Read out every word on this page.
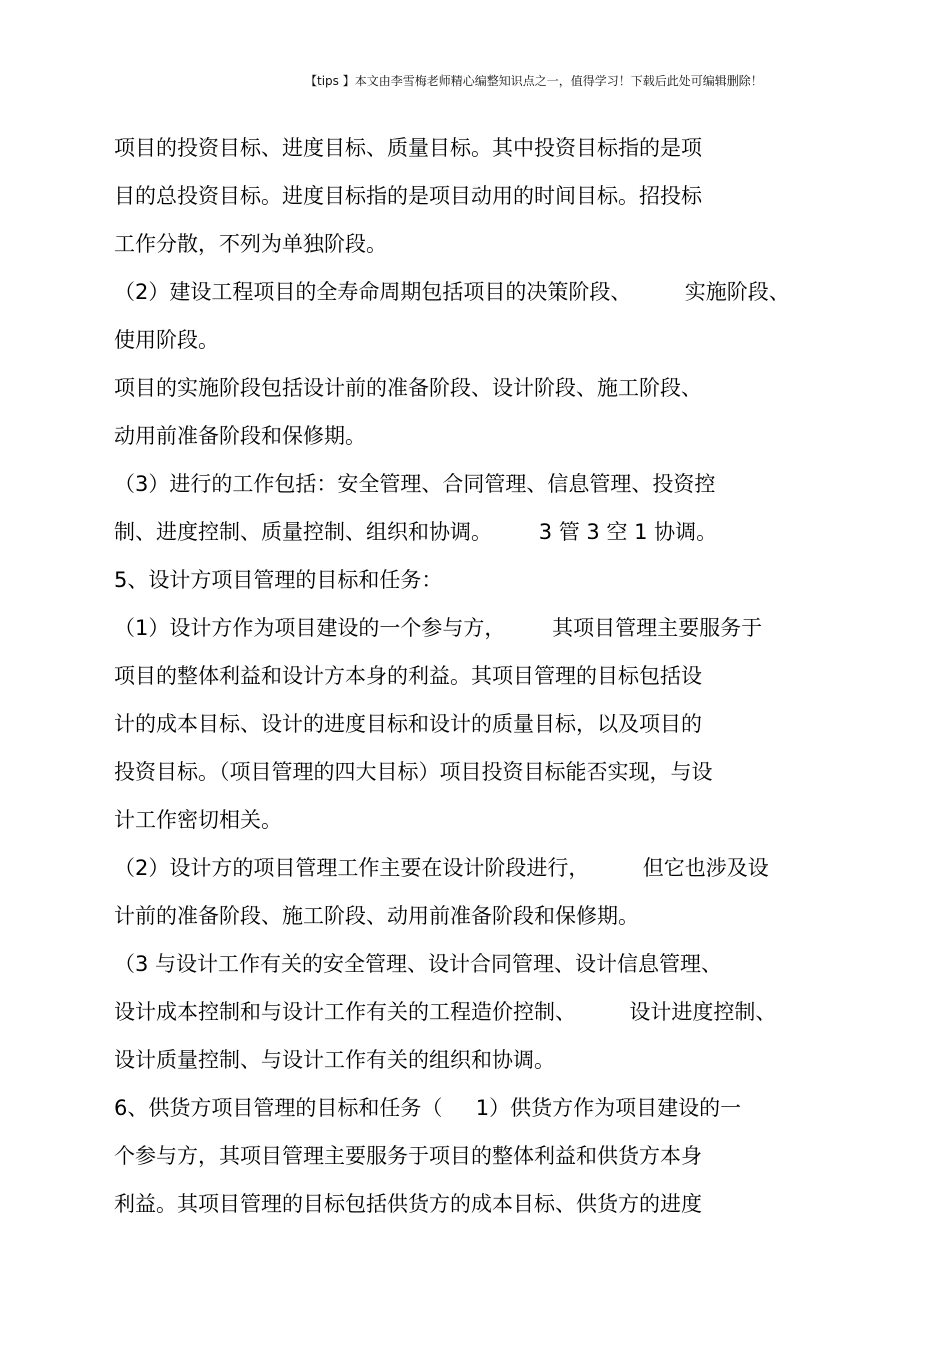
【tips 】本文由李雪梅老师精心编整知识点之一，值得学习！下载后此处可编辑删除！
项目的投资目标、进度目标、质量目标。其中投资目标指的是项
目的总投资目标。进度目标指的是项目动用的时间目标。招投标
工作分散，不列为单独阶段。
（2）建设工程项目的全寿命周期包括项目的决策阶段、        实施阶段、
使用阶段。
项目的实施阶段包括设计前的准备阶段、设计阶段、施工阶段、
动用前准备阶段和保修期。
（3）进行的工作包括：安全管理、合同管理、信息管理、投资控
制、进度控制、质量控制、组织和协调。       3 管 3 空 1 协调。
5、设计方项目管理的目标和任务：
（1）设计方作为项目建设的一个参与方，       其项目管理主要服务于
项目的整体利益和设计方本身的利益。其项目管理的目标包括设
计的成本目标、设计的进度目标和设计的质量目标，以及项目的
投资目标。（项目管理的四大目标）项目投资目标能否实现，与设
计工作密切相关。
（2）设计方的项目管理工作主要在设计阶段进行，        但它也涉及设
计前的准备阶段、施工阶段、动用前准备阶段和保修期。
（3 与设计工作有关的安全管理、设计合同管理、设计信息管理、
设计成本控制和与设计工作有关的工程造价控制、        设计进度控制、
设计质量控制、与设计工作有关的组织和协调。
6、供货方项目管理的目标和任务（     1）供货方作为项目建设的一
个参与方，其项目管理主要服务于项目的整体利益和供货方本身
利益。其项目管理的目标包括供货方的成本目标、供货方的进度
